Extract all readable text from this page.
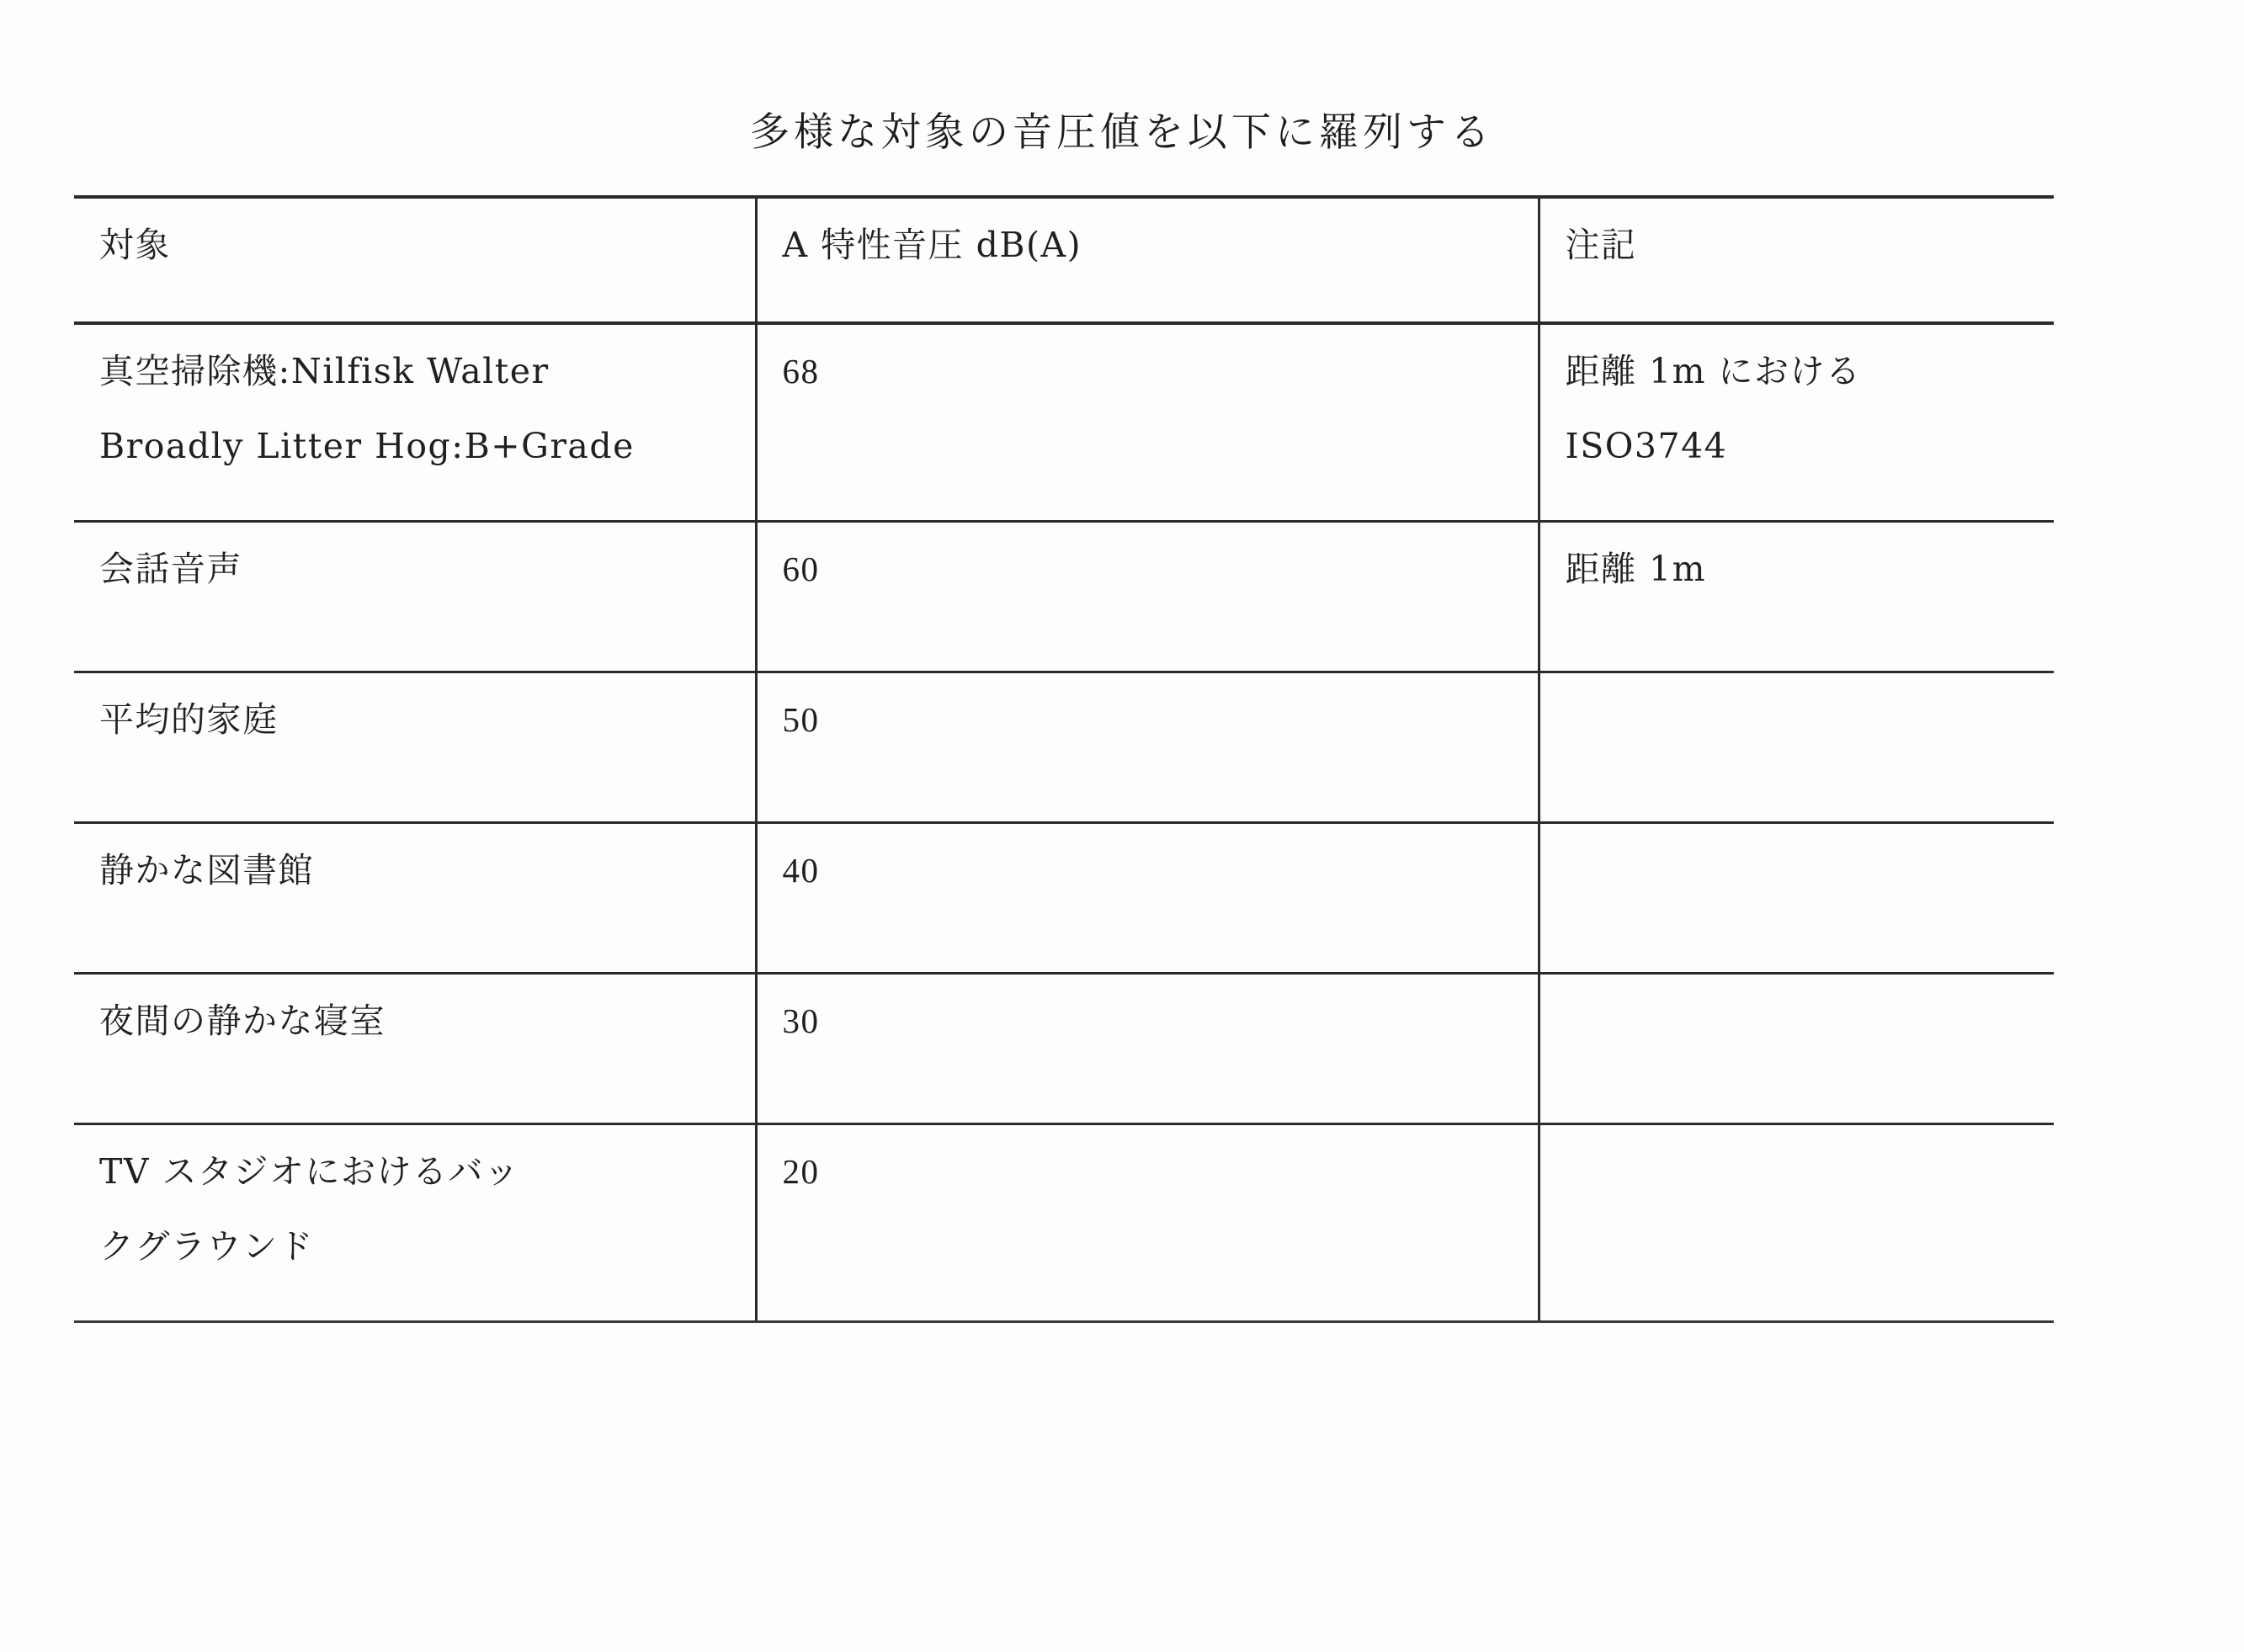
多様な対象の音圧値を以下に羅列する
対象	A 特性音圧 dB(A)	注記

真空掃除機:Nilfisk Walter
Broadly Litter Hog:B+Grade	68	距離 1m における
ISO3744

会話音声	60	距離 1m

平均的家庭	50	

静かな図書館	40	

夜間の静かな寝室	30	

TV スタジオにおけるバッ
クグラウンド	20	
